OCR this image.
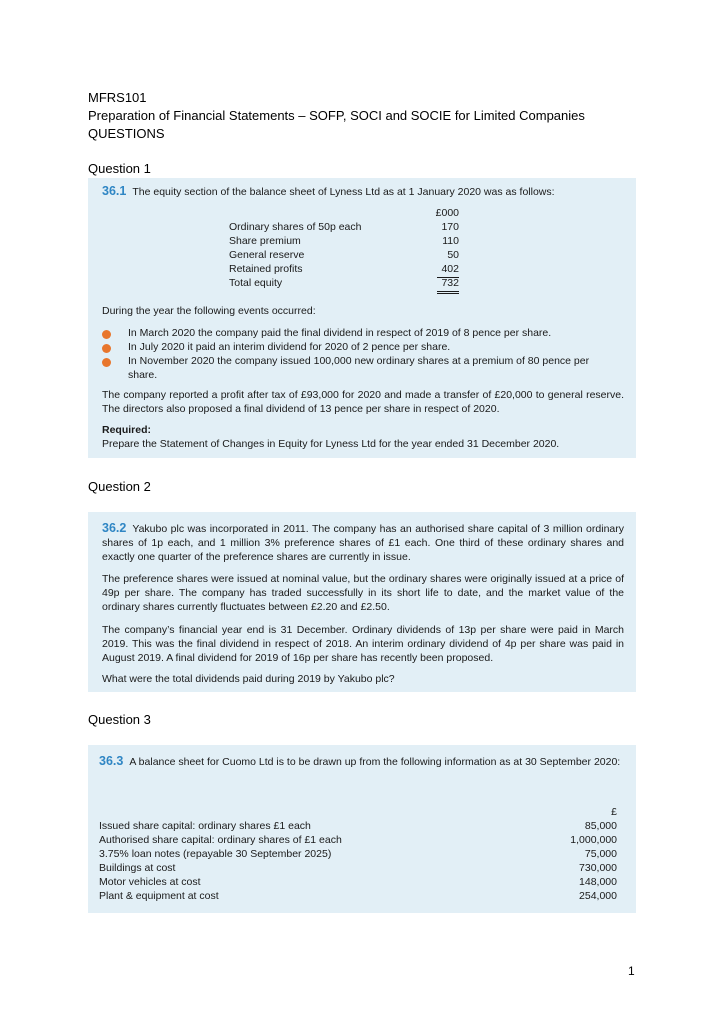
MFRS101
Preparation of Financial Statements – SOFP, SOCI and SOCIE for Limited Companies
QUESTIONS
Question 1
36.1 The equity section of the balance sheet of Lyness Ltd as at 1 January 2020 was as follows:
£000
Ordinary shares of 50p each	170
Share premium	110
General reserve	50
Retained profits	402
Total equity	732
During the year the following events occurred:
In March 2020 the company paid the final dividend in respect of 2019 of 8 pence per share.
In July 2020 it paid an interim dividend for 2020 of 2 pence per share.
In November 2020 the company issued 100,000 new ordinary shares at a premium of 80 pence per share.
The company reported a profit after tax of £93,000 for 2020 and made a transfer of £20,000 to general reserve. The directors also proposed a final dividend of 13 pence per share in respect of 2020.
Required:
Prepare the Statement of Changes in Equity for Lyness Ltd for the year ended 31 December 2020.
Question 2
36.2 Yakubo plc was incorporated in 2011. The company has an authorised share capital of 3 million ordinary shares of 1p each, and 1 million 3% preference shares of £1 each. One third of these ordinary shares and exactly one quarter of the preference shares are currently in issue.
The preference shares were issued at nominal value, but the ordinary shares were originally issued at a price of 49p per share. The company has traded successfully in its short life to date, and the market value of the ordinary shares currently fluctuates between £2.20 and £2.50.
The company’s financial year end is 31 December. Ordinary dividends of 13p per share were paid in March 2019. This was the final dividend in respect of 2018. An interim ordinary dividend of 4p per share was paid in August 2019. A final dividend for 2019 of 16p per share has recently been proposed.
What were the total dividends paid during 2019 by Yakubo plc?
Question 3
36.3 A balance sheet for Cuomo Ltd is to be drawn up from the following information as at 30 September 2020:
£
Issued share capital: ordinary shares £1 each	85,000
Authorised share capital: ordinary shares of £1 each	1,000,000
3.75% loan notes (repayable 30 September 2025)	75,000
Buildings at cost	730,000
Motor vehicles at cost	148,000
Plant & equipment at cost	254,000
1
